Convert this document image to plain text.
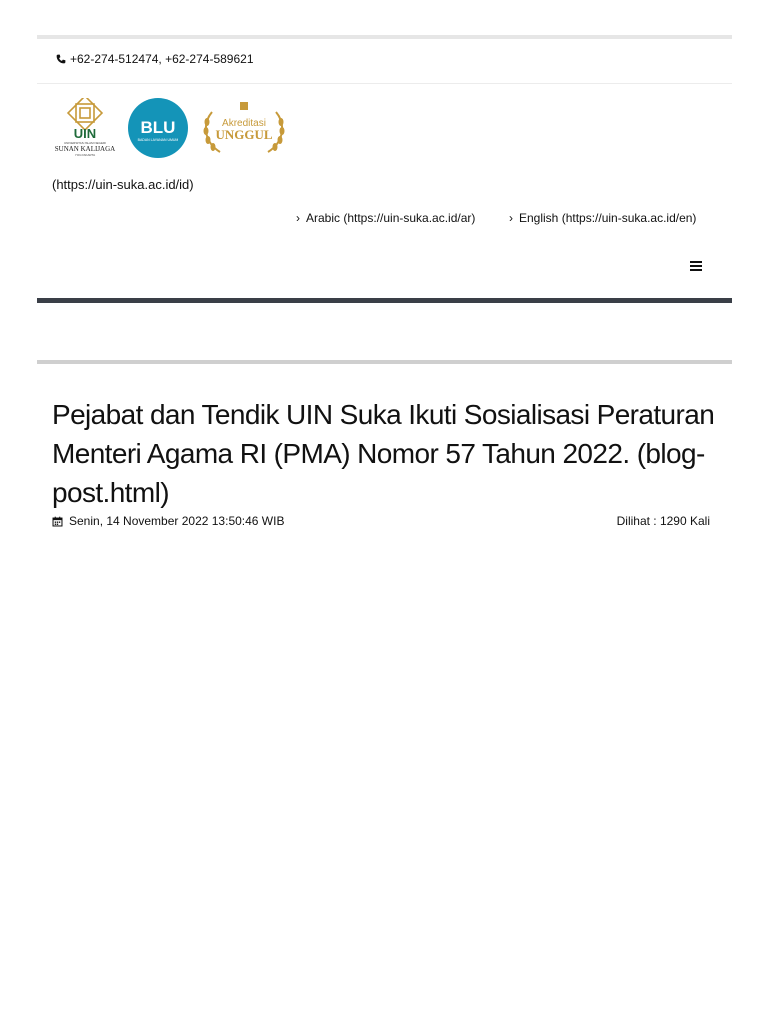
+62-274-512474, +62-274-589621
UIN
UNIVERSITAS ISLAM NEGERI
SUNAN KALIJAGA
YOGYAKARTA
BLU
BADAN LAYANAN UMUM
Akreditasi
UNGGUL
(https://uin-suka.ac.id/id)
› Arabic (https://uin-suka.ac.id/ar)	› English (https://uin-suka.ac.id/en)
Pejabat dan Tendik UIN Suka Ikuti Sosialisasi Peraturan Menteri Agama RI (PMA) Nomor 57 Tahun 2022. (blog-post.html)
Senin, 14 November 2022 13:50:46 WIB	Dilihat : 1290 Kali
